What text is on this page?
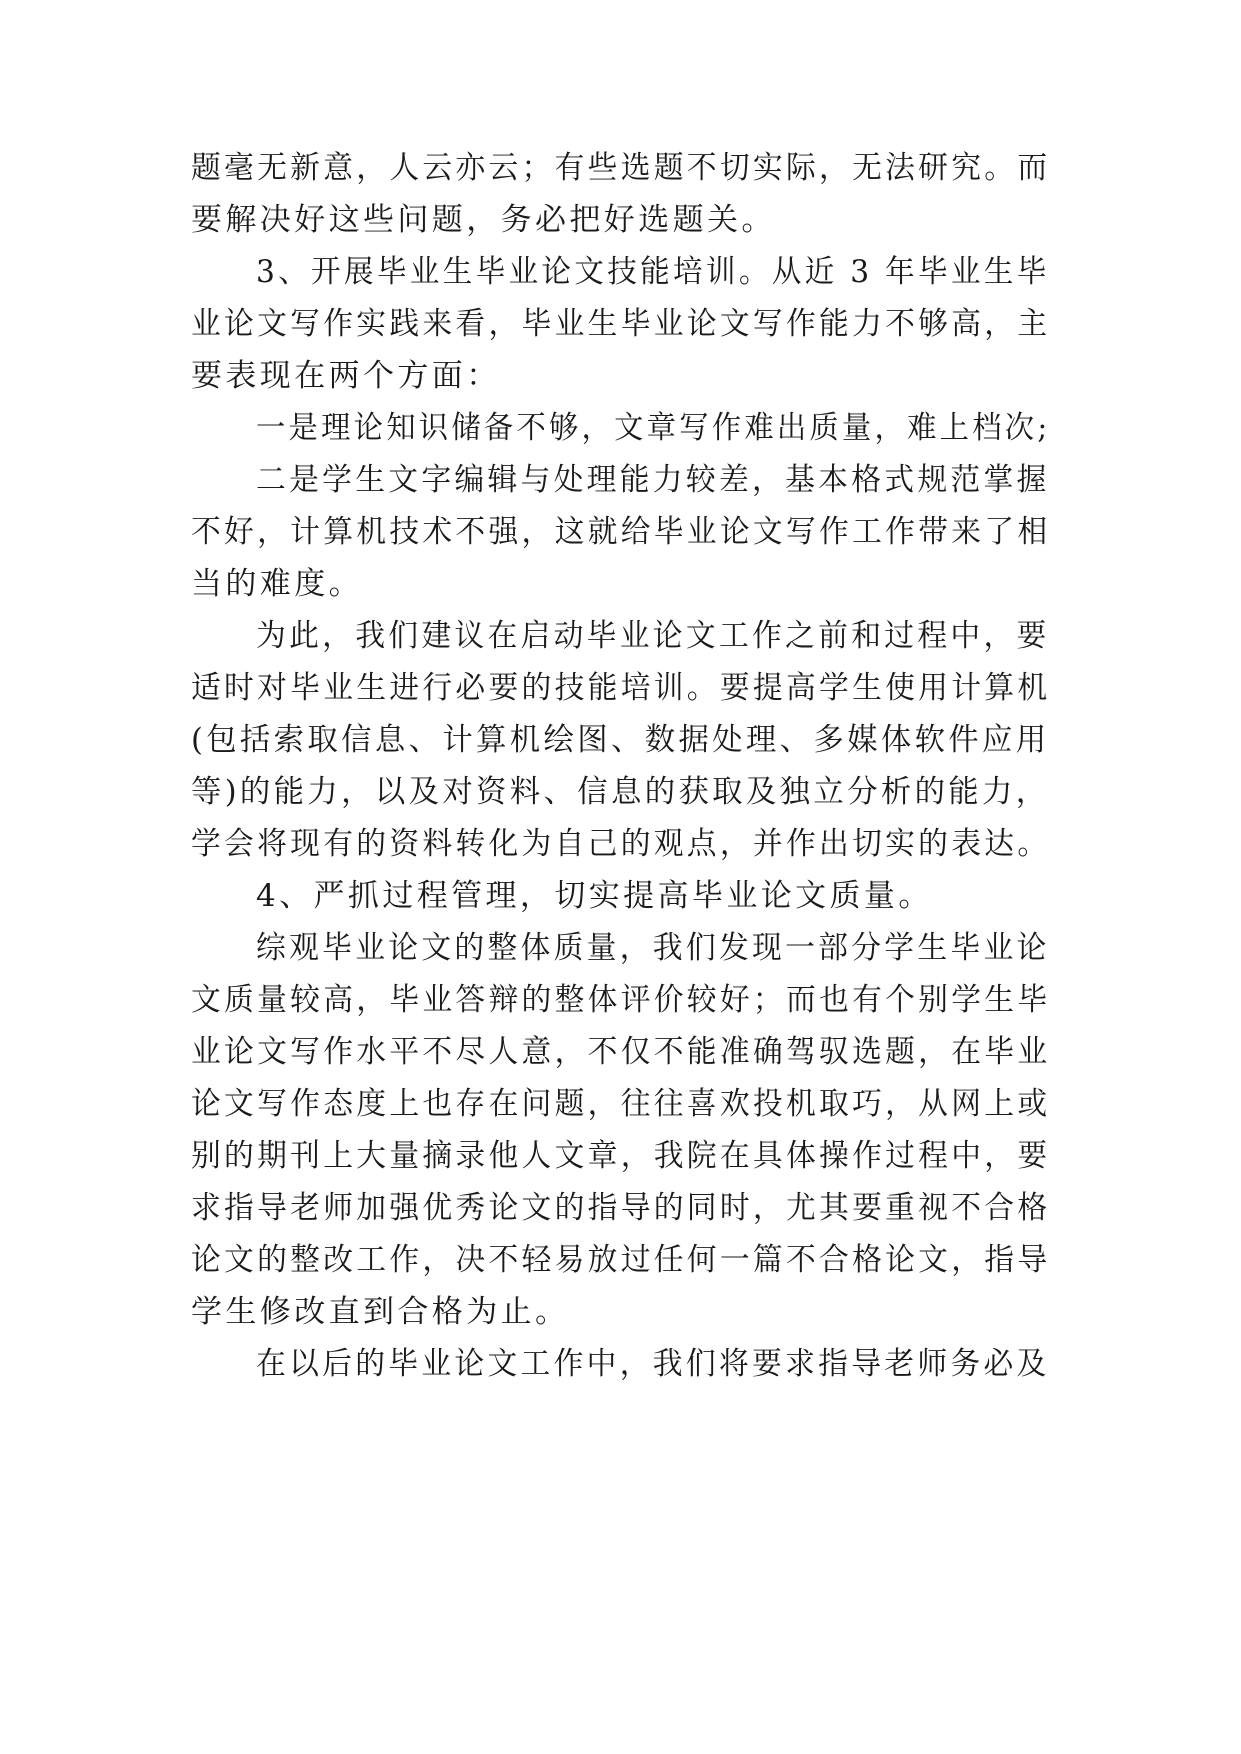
题毫无新意，人云亦云；有些选题不切实际，无法研究。而
要解决好这些问题，务必把好选题关。
3、开展毕业生毕业论文技能培训。从近 3 年毕业生毕
业论文写作实践来看，毕业生毕业论文写作能力不够高，主
要表现在两个方面：
一是理论知识储备不够，文章写作难出质量，难上档次;
二是学生文字编辑与处理能力较差，基本格式规范掌握
不好，计算机技术不强，这就给毕业论文写作工作带来了相
当的难度。
为此，我们建议在启动毕业论文工作之前和过程中，要
适时对毕业生进行必要的技能培训。要提高学生使用计算机
(包括索取信息、计算机绘图、数据处理、多媒体软件应用
等)的能力，以及对资料、信息的获取及独立分析的能力，
学会将现有的资料转化为自己的观点，并作出切实的表达。
4、严抓过程管理，切实提高毕业论文质量。
综观毕业论文的整体质量，我们发现一部分学生毕业论
文质量较高，毕业答辩的整体评价较好；而也有个别学生毕
业论文写作水平不尽人意，不仅不能准确驾驭选题，在毕业
论文写作态度上也存在问题，往往喜欢投机取巧，从网上或
别的期刊上大量摘录他人文章，我院在具体操作过程中，要
求指导老师加强优秀论文的指导的同时，尤其要重视不合格
论文的整改工作，决不轻易放过任何一篇不合格论文，指导
学生修改直到合格为止。
在以后的毕业论文工作中，我们将要求指导老师务必及
